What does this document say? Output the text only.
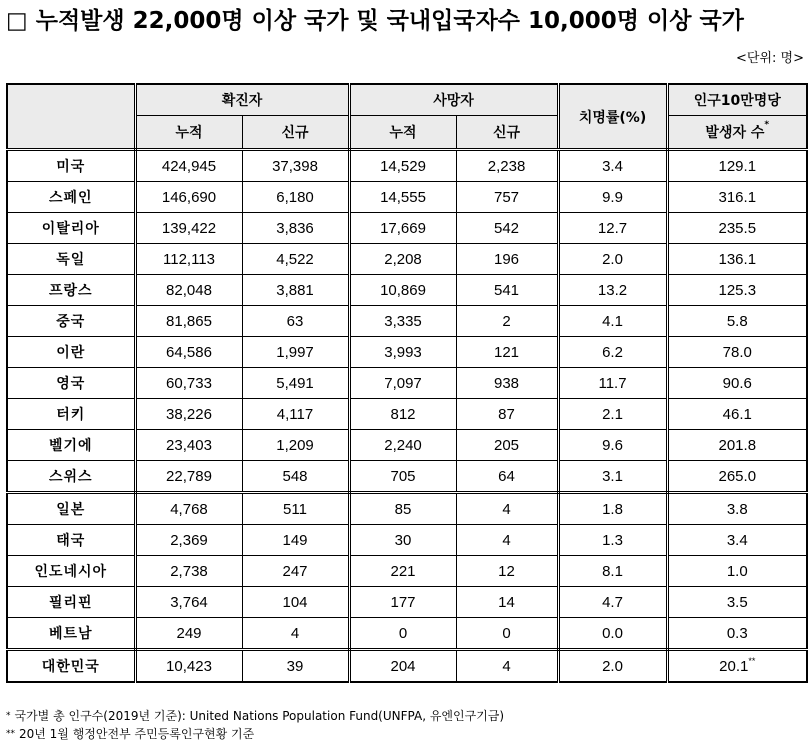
□ 누적발생 22,000명 이상 국가 및 국내입국자수 10,000명 이상 국가
<단위: 명>
	확진자		사망자		치명률(%)	인구10만명당
	누적	신규	누적	신규		발생자 수*
미국	424,945	37,398	14,529	2,238	3.4	129.1
스페인	146,690	6,180	14,555	757	9.9	316.1
이탈리아	139,422	3,836	17,669	542	12.7	235.5
독일	112,113	4,522	2,208	196	2.0	136.1
프랑스	82,048	3,881	10,869	541	13.2	125.3
중국	81,865	63	3,335	2	4.1	5.8
이란	64,586	1,997	3,993	121	6.2	78.0
영국	60,733	5,491	7,097	938	11.7	90.6
터키	38,226	4,117	812	87	2.1	46.1
벨기에	23,403	1,209	2,240	205	9.6	201.8
스위스	22,789	548	705	64	3.1	265.0
일본	4,768	511	85	4	1.8	3.8
태국	2,369	149	30	4	1.3	3.4
인도네시아	2,738	247	221	12	8.1	1.0
필리핀	3,764	104	177	14	4.7	3.5
베트남	249	4	0	0	0.0	0.3
대한민국	10,423	39	204	4	2.0	20.1**
* 국가별 총 인구수(2019년 기준): United Nations Population Fund(UNFPA, 유엔인구기금)
** 20년 1월 행정안전부 주민등록인구현황 기준
